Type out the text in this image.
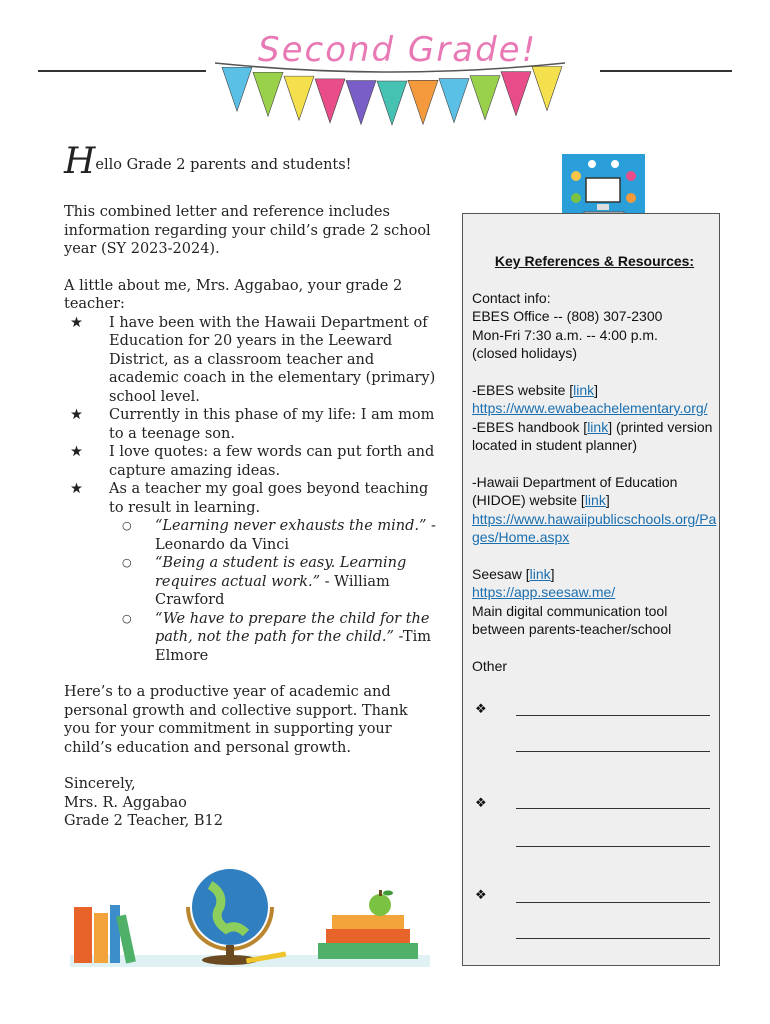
Second Grade!

Hello Grade 2 parents and students!

This combined letter and reference includes information regarding your child’s grade 2 school year (SY 2023-2024).

A little about me, Mrs. Aggabao, your grade 2 teacher:

★ I have been with the Hawaii Department of Education for 20 years in the Leeward District, as a classroom teacher and academic coach in the elementary (primary) school level.
★ Currently in this phase of my life: I am mom to a teenage son.
★ I love quotes: a few words can put forth and capture amazing ideas.
★ As a teacher my goal goes beyond teaching to result in learning.
○ “Learning never exhausts the mind.” -Leonardo da Vinci
○ “Being a student is easy. Learning requires actual work.” - William Crawford
○ “We have to prepare the child for the path, not the path for the child.” -Tim Elmore

Here’s to a productive year of academic and personal growth and collective support. Thank you for your commitment in supporting your child’s education and personal growth.

Sincerely,

Mrs. R. Aggabao

Grade 2 Teacher, B12

Key References & Resources:

Contact info:

EBES Office -- (808) 307-2300

Mon-Fri 7:30 a.m. -- 4:00 p.m.

(closed holidays)

-EBES website [link]

https://www.ewabeachelementary.org/

-EBES handbook [link] (printed version located in student planner)

-Hawaii Department of Education (HIDOE) website [link]

https://www.hawaiipublicschools.org/Pages/Home.aspx

Seesaw [link]

https://app.seesaw.me/

Main digital communication tool between parents-teacher/school

Other

❖
❖
❖
